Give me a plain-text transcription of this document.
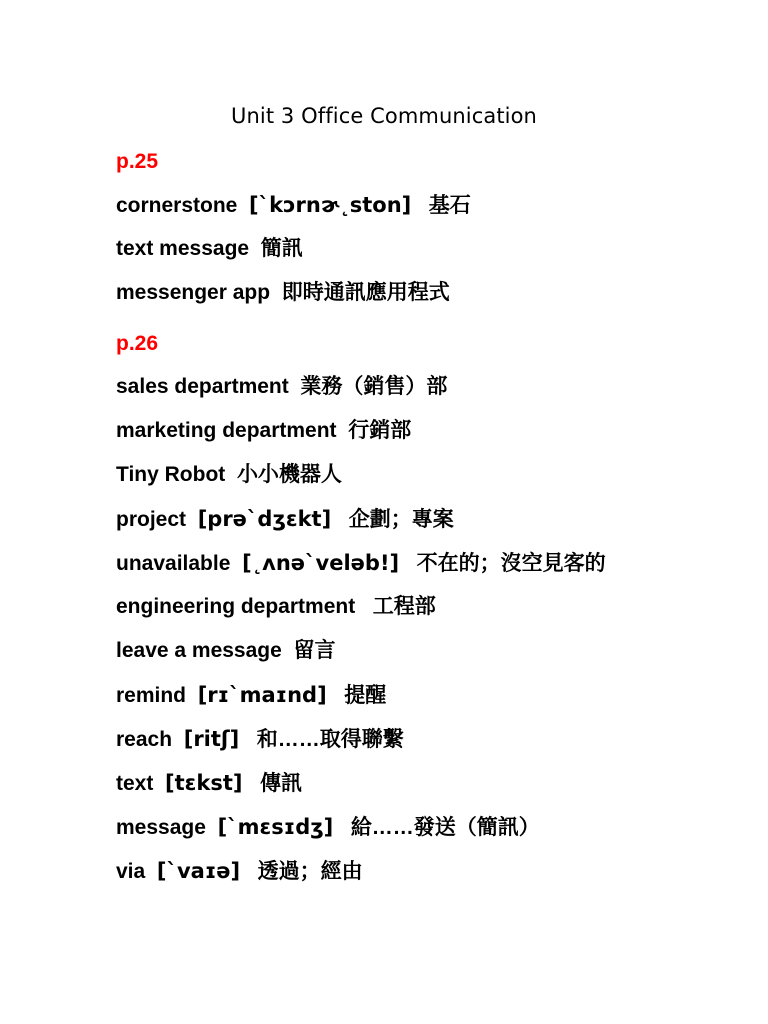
Unit 3 Office Communication
p.25
cornerstone [`kɔrnɚ˛ston] 基石
text message 簡訊
messenger app 即時通訊應用程式
p.26
sales department 業務（銷售）部
marketing department 行銷部
Tiny Robot 小小機器人
project [prə`dʒɛkt] 企劃；專案
unavailable [˛ʌnə`veləb!] 不在的；沒空見客的
engineering department 工程部
leave a message 留言
remind [rɪ`maɪnd] 提醒
reach [ritʃ] 和……取得聯繫
text [tɛkst] 傳訊
message [`mɛsɪdʒ] 給……發送（簡訊）
via [`vaɪə] 透過；經由
